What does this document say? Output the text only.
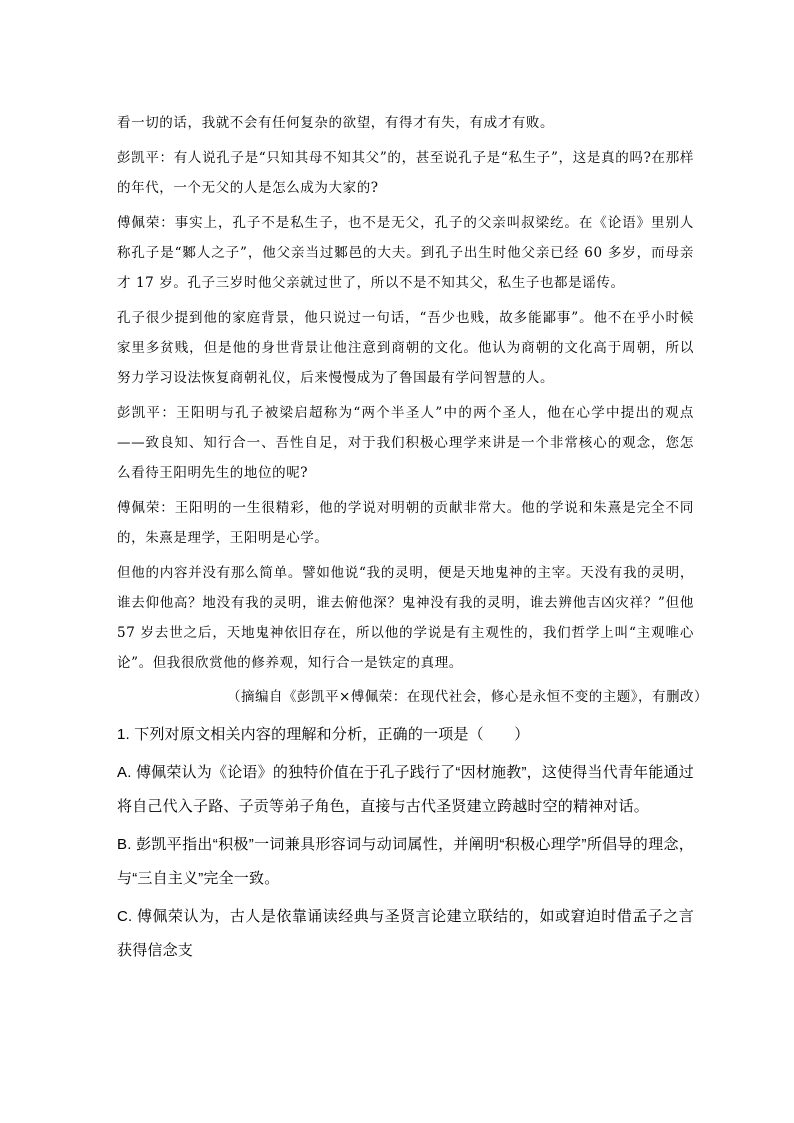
看一切的话，我就不会有任何复杂的欲望，有得才有失，有成才有败。

彭凯平：有人说孔子是“只知其母不知其父”的，甚至说孔子是“私生子”，这是真的吗?在那样的年代，一个无父的人是怎么成为大家的?

傅佩荣：事实上，孔子不是私生子，也不是无父，孔子的父亲叫叔梁纥。在《论语》里别人称孔子是“鄹人之子”，他父亲当过鄹邑的大夫。到孔子出生时他父亲已经 60 多岁，而母亲才 17 岁。孔子三岁时他父亲就过世了，所以不是不知其父，私生子也都是谣传。

孔子很少提到他的家庭背景，他只说过一句话，“吾少也贱，故多能鄙事”。他不在乎小时候家里多贫贱，但是他的身世背景让他注意到商朝的文化。他认为商朝的文化高于周朝，所以努力学习设法恢复商朝礼仪，后来慢慢成为了鲁国最有学问智慧的人。

彭凯平：王阳明与孔子被梁启超称为“两个半圣人”中的两个圣人，他在心学中提出的观点——致良知、知行合一、吾性自足，对于我们积极心理学来讲是一个非常核心的观念，您怎么看待王阳明先生的地位的呢?

傅佩荣：王阳明的一生很精彩，他的学说对明朝的贡献非常大。他的学说和朱熹是完全不同的，朱熹是理学，王阳明是心学。

但他的内容并没有那么简单。譬如他说“我的灵明，便是天地鬼神的主宰。天没有我的灵明，谁去仰他高？地没有我的灵明，谁去俯他深？鬼神没有我的灵明，谁去辨他吉凶灾祥？”但他 57 岁去世之后，天地鬼神依旧存在，所以他的学说是有主观性的，我们哲学上叫“主观唯心论”。但我很欣赏他的修养观，知行合一是铁定的真理。

（摘编自《彭凯平×傅佩荣：在现代社会，修心是永恒不变的主题》，有删改）

1. 下列对原文相关内容的理解和分析，正确的一项是（　　）

A. 傅佩荣认为《论语》的独特价值在于孔子践行了“因材施教”，这使得当代青年能通过将自己代入子路、子贡等弟子角色，直接与古代圣贤建立跨越时空的精神对话。

B. 彭凯平指出“积极”一词兼具形容词与动词属性，并阐明“积极心理学”所倡导的理念，与“三自主义”完全一致。

C. 傅佩荣认为，古人是依靠诵读经典与圣贤言论建立联结的，如或窘迫时借孟子之言获得信念支
